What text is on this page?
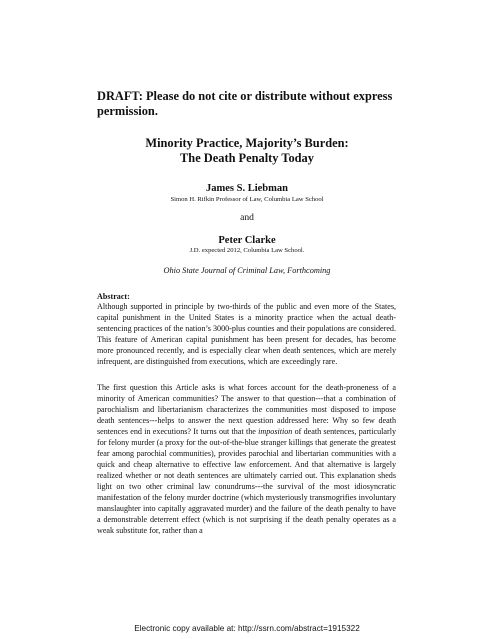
DRAFT: Please do not cite or distribute without express permission.
Minority Practice, Majority’s Burden:
The Death Penalty Today
James S. Liebman
Simon H. Rifkin Professor of Law, Columbia Law School
and
Peter Clarke
J.D. expected 2012, Columbia Law School.
Ohio State Journal of Criminal Law, Forthcoming
Abstract:
Although supported in principle by two-thirds of the public and even more of the States, capital punishment in the United States is a minority practice when the actual death-sentencing practices of the nation’s 3000-plus counties and their populations are considered. This feature of American capital punishment has been present for decades, has become more pronounced recently, and is especially clear when death sentences, which are merely infrequent, are distinguished from executions, which are exceedingly rare.
The first question this Article asks is what forces account for the death-proneness of a minority of American communities? The answer to that question---that a combination of parochialism and libertarianism characterizes the communities most disposed to impose death sentences---helps to answer the next question addressed here: Why so few death sentences end in executions? It turns out that the imposition of death sentences, particularly for felony murder (a proxy for the out-of-the-blue stranger killings that generate the greatest fear among parochial communities), provides parochial and libertarian communities with a quick and cheap alternative to effective law enforcement. And that alternative is largely realized whether or not death sentences are ultimately carried out. This explanation sheds light on two other criminal law conundrums---the survival of the most idiosyncratic manifestation of the felony murder doctrine (which mysteriously transmogrifies involuntary manslaughter into capitally aggravated murder) and the failure of the death penalty to have a demonstrable deterrent effect (which is not surprising if the death penalty operates as a weak substitute for, rather than a
Electronic copy available at: http://ssrn.com/abstract=1915322
